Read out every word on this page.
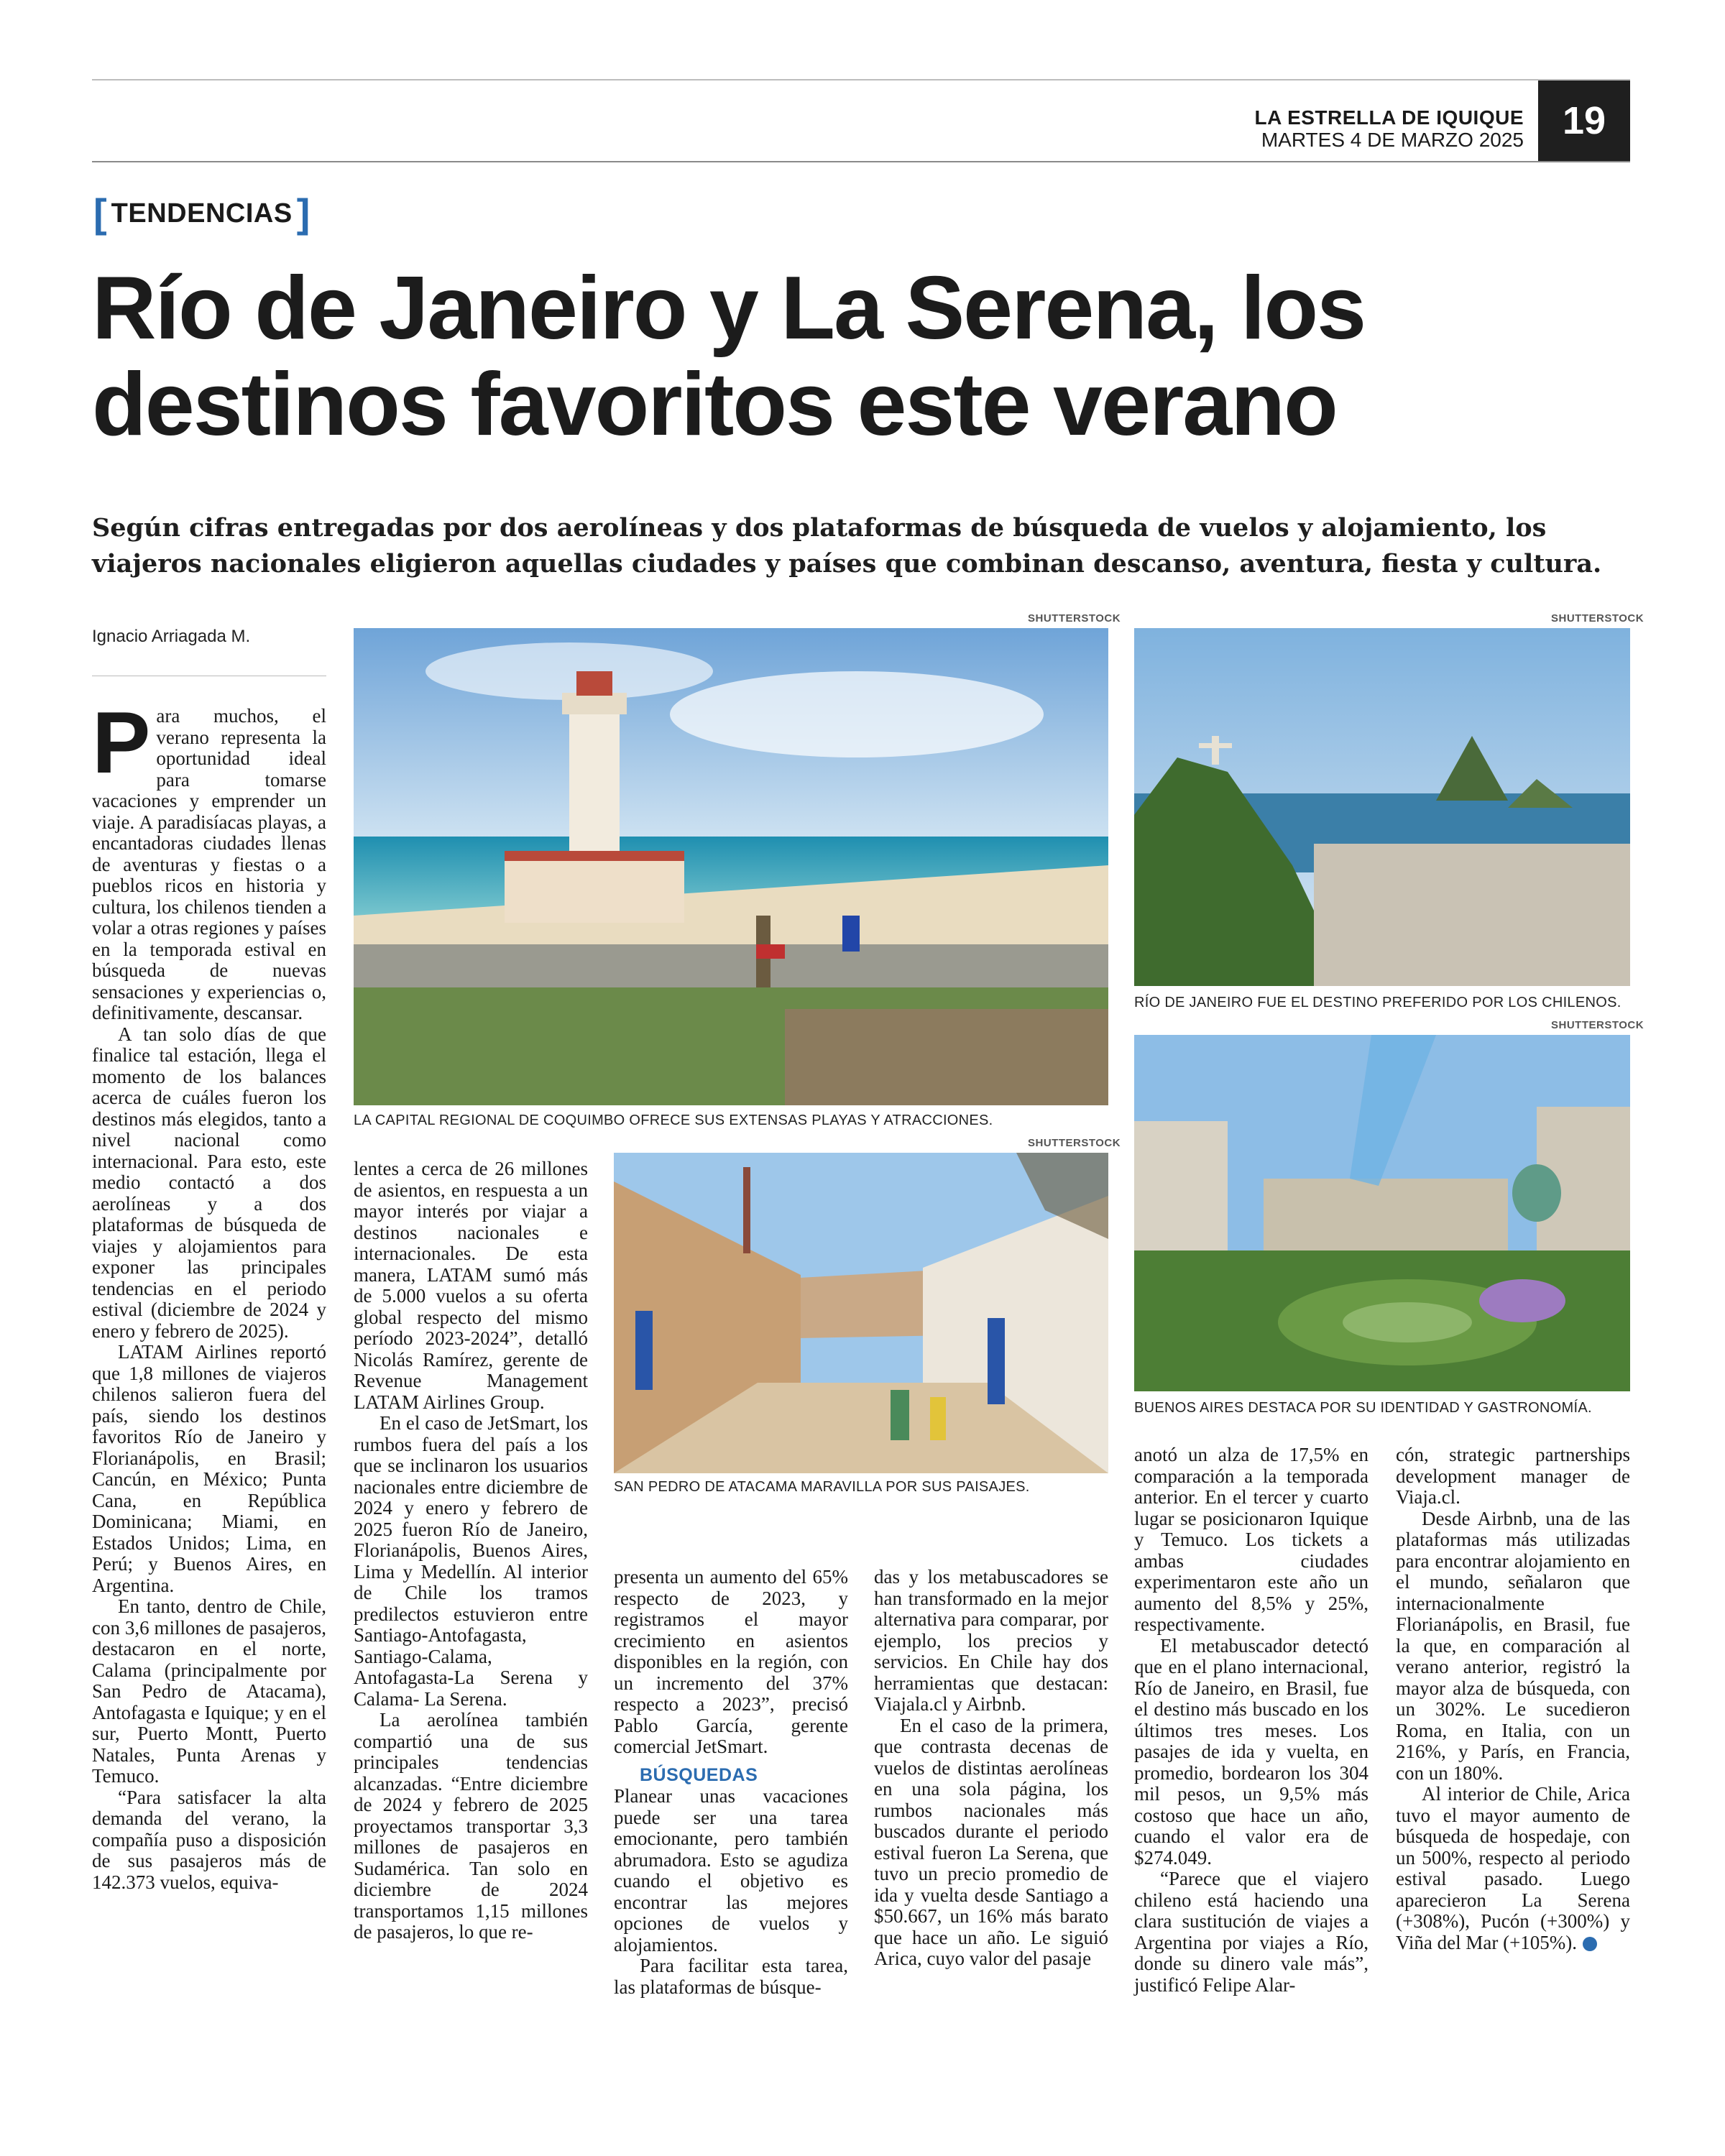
LA ESTRELLA DE IQUIQUE
MARTES 4 DE MARZO 2025 19
[ TENDENCIAS ]
Río de Janeiro y La Serena, los
destinos favoritos este verano
Según cifras entregadas por dos aerolíneas y dos plataformas de búsqueda de vuelos y alojamiento, los viajeros nacionales eligieron aquellas ciudades y países que combinan descanso, aventura, fiesta y cultura.
Ignacio Arriagada M.
SHUTTERSTOCK
LA CAPITAL REGIONAL DE COQUIMBO OFRECE SUS EXTENSAS PLAYAS Y ATRACCIONES.
SHUTTERSTOCK
RÍO DE JANEIRO FUE EL DESTINO PREFERIDO POR LOS CHILENOS.
SHUTTERSTOCK
BUENOS AIRES DESTACA POR SU IDENTIDAD Y GASTRONOMÍA.
SHUTTERSTOCK
SAN PEDRO DE ATACAMA MARAVILLA POR SUS PAISAJES.

Para muchos, el verano representa la oportunidad ideal para tomarse vacaciones y emprender un viaje. A paradisíacas playas, a encantadoras ciudades llenas de aventuras y fiestas o a pueblos ricos en historia y cultura, los chilenos tienden a volar a otras regiones y países en la temporada estival en búsqueda de nuevas sensaciones y experiencias o, definitivamente, descansar.

A tan solo días de que finalice tal estación, llega el momento de los balances acerca de cuáles fueron los destinos más elegidos, tanto a nivel nacional como internacional. Para esto, este medio contactó a dos aerolíneas y a dos plataformas de búsqueda de viajes y alojamientos para exponer las principales tendencias en el periodo estival (diciembre de 2024 y enero y febrero de 2025).

LATAM Airlines reportó que 1,8 millones de viajeros chilenos salieron fuera del país, siendo los destinos favoritos Río de Janeiro y Florianápolis, en Brasil; Cancún, en México; Punta Cana, en República Dominicana; Miami, en Estados Unidos; Lima, en Perú; y Buenos Aires, en Argentina.

En tanto, dentro de Chile, con 3,6 millones de pasajeros, destacaron en el norte, Calama (principalmente por San Pedro de Atacama), Antofagasta e Iquique; y en el sur, Puerto Montt, Puerto Natales, Punta Arenas y Temuco.

“Para satisfacer la alta demanda del verano, la compañía puso a disposición de sus pasajeros más de 142.373 vuelos, equiva-

lentes a cerca de 26 millones de asientos, en respuesta a un mayor interés por viajar a destinos nacionales e internacionales. De esta manera, LATAM sumó más de 5.000 vuelos a su oferta global respecto del mismo período 2023-2024”, detalló Nicolás Ramírez, gerente de Revenue Management LATAM Airlines Group.

En el caso de JetSmart, los rumbos fuera del país a los que se inclinaron los usuarios nacionales entre diciembre de 2024 y enero y febrero de 2025 fueron Río de Janeiro, Florianápolis, Buenos Aires, Lima y Medellín. Al interior de Chile los tramos predilectos estuvieron entre Santiago-Antofagasta, Santiago-Calama, Antofagasta-La Serena y Calama- La Serena.

La aerolínea también compartió una de sus principales tendencias alcanzadas. “Entre diciembre de 2024 y febrero de 2025 proyectamos transportar 3,3 millones de pasajeros en Sudamérica. Tan solo en diciembre de 2024 transportamos 1,15 millones de pasajeros, lo que re-

presenta un aumento del 65% respecto de 2023, y registramos el mayor crecimiento en asientos disponibles en la región, con un incremento del 37% respecto a 2023”, precisó Pablo García, gerente comercial JetSmart.

BÚSQUEDAS

Planear unas vacaciones puede ser una tarea emocionante, pero también abrumadora. Esto se agudiza cuando el objetivo es encontrar las mejores opciones de vuelos y alojamientos.

Para facilitar esta tarea, las plataformas de búsque-

das y los metabuscadores se han transformado en la mejor alternativa para comparar, por ejemplo, los precios y servicios. En Chile hay dos herramientas que destacan: Viajala.cl y Airbnb.

En el caso de la primera, que contrasta decenas de vuelos de distintas aerolíneas en una sola página, los rumbos nacionales más buscados durante el periodo estival fueron La Serena, que tuvo un precio promedio de ida y vuelta desde Santiago a $50.667, un 16% más barato que hace un año. Le siguió Arica, cuyo valor del pasaje

anotó un alza de 17,5% en comparación a la temporada anterior. En el tercer y cuarto lugar se posicionaron Iquique y Temuco. Los tickets a ambas ciudades experimentaron este año un aumento del 8,5% y 25%, respectivamente.

El metabuscador detectó que en el plano internacional, Río de Janeiro, en Brasil, fue el destino más buscado en los últimos tres meses. Los pasajes de ida y vuelta, en promedio, bordearon los 304 mil pesos, un 9,5% más costoso que hace un año, cuando el valor era de $274.049.

“Parece que el viajero chileno está haciendo una clara sustitución de viajes a Argentina por viajes a Río, donde su dinero vale más”, justificó Felipe Alar-

cón, strategic partnerships development manager de Viaja.cl.

Desde Airbnb, una de las plataformas más utilizadas para encontrar alojamiento en el mundo, señalaron que internacionalmente Florianápolis, en Brasil, fue la que, en comparación al verano anterior, registró la mayor alza de búsqueda, con un 302%. Le sucedieron Roma, en Italia, con un 216%, y París, en Francia, con un 180%.

Al interior de Chile, Arica tuvo el mayor aumento de búsqueda de hospedaje, con un 500%, respecto al periodo estival pasado. Luego aparecieron La Serena (+308%), Pucón (+300%) y Viña del Mar (+105%).	✪
